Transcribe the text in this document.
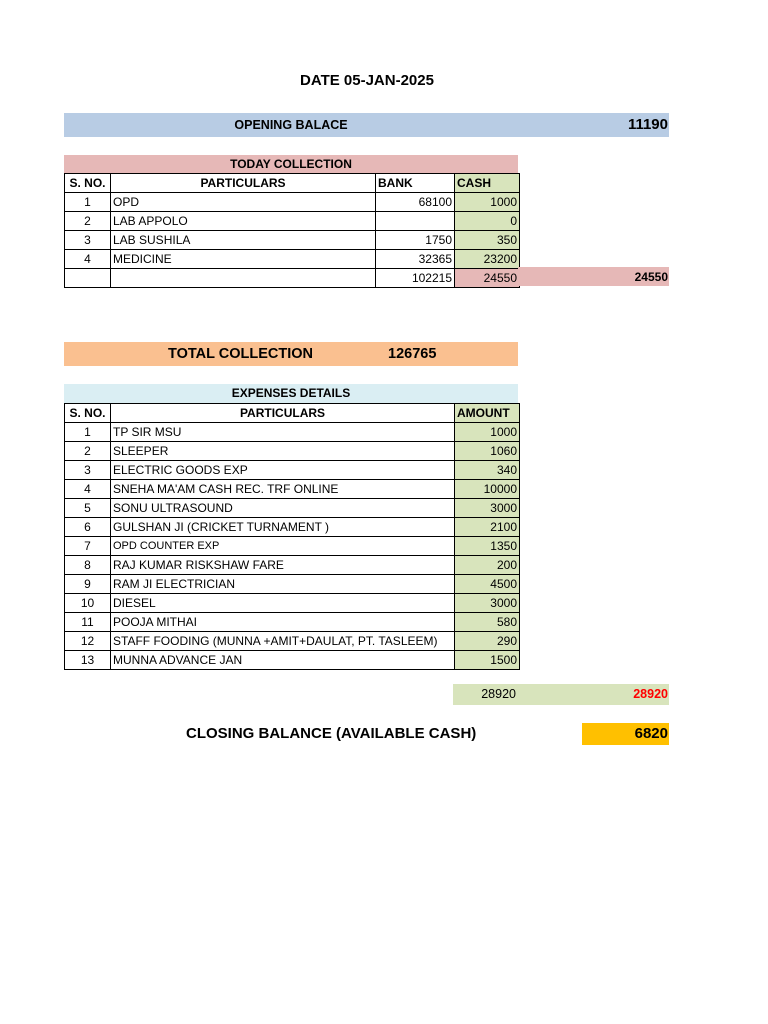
DATE 05-JAN-2025
OPENING BALACE	11190
TODAY COLLECTION
S. NO.	PARTICULARS	BANK	CASH
1	OPD	68100	1000
2	LAB APPOLO		0
3	LAB SUSHILA	1750	350
4	MEDICINE	32365	23200
		102215	24550	24550
TOTAL COLLECTION	126765
EXPENSES DETAILS
S. NO.	PARTICULARS	AMOUNT
1	TP SIR MSU	1000
2	SLEEPER	1060
3	ELECTRIC GOODS EXP	340
4	SNEHA MA'AM CASH REC. TRF ONLINE	10000
5	SONU ULTRASOUND	3000
6	GULSHAN JI (CRICKET TURNAMENT )	2100
7	OPD COUNTER EXP	1350
8	RAJ KUMAR RISKSHAW FARE	200
9	RAM JI ELECTRICIAN	4500
10	DIESEL	3000
11	POOJA MITHAI	580
12	STAFF FOODING (MUNNA +AMIT+DAULAT, PT. TASLEEM)	290
13	MUNNA ADVANCE JAN	1500
28920	28920
CLOSING BALANCE (AVAILABLE CASH)	6820
